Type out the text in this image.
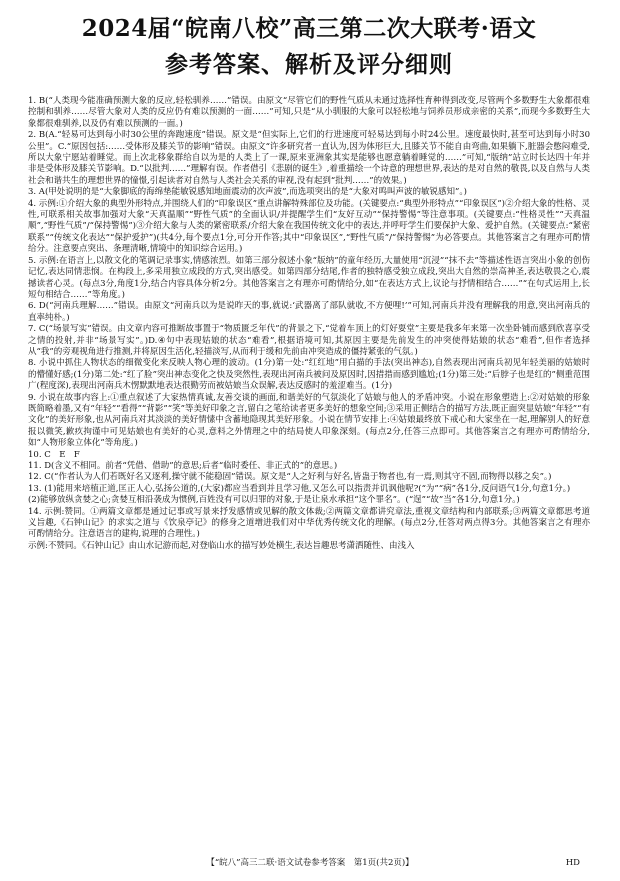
2024届“皖南八校”高三第二次大联考·语文
参考答案、解析及评分细则

1. B(“人类现今能准确预测大象的反应,轻松驯养……”错误。由原文“尽管它们的野性气质从未通过选择性育种得到改变,尽管两个多数野生大象都很难控制和驯养……尽管大象对人类的反应仍有难以预测的一面……”可知,只是“从小驯服的大象可以轻松地与饲养员形成亲密的关系”,而现今多数野生大象都很难驯养,以及仍有难以预测的一面。)

2. B(A.“轻易可达到每小时30公里的奔跑速度”错误。原文是“但实际上,它们的行进速度可轻易达到每小时24公里。速度最快时,甚至可达到每小时30公里”。C.“原因包括:……受体形及膝关节的影响”错误。由原文“许多研究者一直认为,因为体形巨大,且膝关节不能自由弯曲,如果躺下,脏器会憋闷难受,所以大象宁愿站着睡觉。而上次北移象群给自以为是的人类上了一课,原来亚洲象其实是能够也愿意躺着睡觉的……”可知,“版纳”站立时长达四十年并非是受体形及膝关节影响。D.“以批判……”理解有误。作者借引《悲剧的诞生》,着重描绘一个诗意的理想世界,表达的是对自然的敬畏,以及自然与人类社会和谐共生的理想世界的憧憬,引起读者对自然与人类社会关系的审视,没有起到“批判……”的效果。)

3. A(甲处说明的是“大象脚底的海绵垫能敏锐感知地面震动的次声波”,而选项突出的是“大象对鸣叫声波的敏锐感知”。)

4. 示例:①介绍大象的典型外形特点,并围绕人们的“印象误区”重点讲解特殊部位及功能。(关键要点:“典型外形特点”“印象误区”)②介绍大象的性格、灵性,可联系相关故事加强对大象“天真温顺”“野性气质”的全面认识/并提醒学生们“友好互动”“保持警惕”等注意事项。(关键要点:“性格灵性”“天真温顺”,“野性气质”/“保持警惕”)③介绍大象与人类的紧密联系/介绍大象在我国传统文化中的表达,并呼吁学生们要保护大象、爱护自然。(关键要点:“紧密联系”“传统文化表达”“保护爱护”)(共4分,每个要点1分,可分开作答;其中“印象误区”,“野性气质”/“保持警惕”为必答要点。其他答案言之有理亦可酌情给分。注意要点突出、条理清晰,情境中的知识综合运用。)

5. 示例:在语言上,以散文化的笔调记录事实,情感浓烈。如第三部分叙述小象“版纳”的童年经历,大量使用“沉浸”“抹不去”等描述性语言突出小象的创伤记忆,表达同情悲悯。在构段上,多采用独立成段的方式,突出感受。如第四部分结尾,作者的独特感受独立成段,突出大自然的崇高神圣,表达敬畏之心,震撼读者心灵。(每点3分,角度1分,结合内容具体分析2分。其他答案言之有理亦可酌情给分,如“在表达方式上,议论与抒情相结合……”“在句式运用上,长短句相结合……”等角度。)

6. D(“河南兵理解……”错误。由原文“河南兵以为是说昨天的事,就说:‘武器离了部队就收,不方便哩!’”可知,河南兵并没有理解我的用意,突出河南兵的直率纯朴。)

7. C(“场景写实”错误。由文章内容可推断故事置于“物质匮乏年代”的背景之下,“觉着车顶上的灯好耍堂”主要是我多年来第一次坐卧铺而感到欣喜享受之情的投射,并非“场景写实”。)D.④句中表现姑娘的状态“难看”,根据语境可知,其原因主要是先前发生的冲突使得姑娘的状态“难看”,但作者选择从“我”的旁观视角进行推测,并将原因生活化,轻描淡写,从而利于缓和先前由冲突造成的僵持紧张的气氛。)

8. 小说中抓住人物状态的细微变化来反映人物心理的波动。(1分)第一处:“红红地”用白描的手法(突出神态),自然表现出河南兵初见年轻美丽的姑娘时的懵懂好感;(1分)第二处:“红了脸”突出神态变化之快及突然性,表现出河南兵被问及原因时,因措措而感到尴尬;(1分)第三处:“后脖子也是红的”侧重范围广(程度深),表现出河南兵木愣默默地表达很勤劳而被姑娘当众误解,表达反感时的羞涩难当。(1分)

9. 小说在故事内容上:①重点叙述了大家热情真诚,友善交谈的画面,和谐美好的气氛淡化了姑娘与他人的矛盾冲突。小说在形象塑造上:②对姑娘的形象既简略着墨,又有“年轻”“看得”“背影”“笑”等美好印象之言,留白之笔给读者更多美好的想象空间;③采用正侧结合的描写方法,既正面突显姑娘“年轻”“有文化”的美好形象,也从河南兵对其淡淡的美好情愫中含蓄地隐现其美好形象。小说在情节安排上:④姑娘最终放下戒心和大家坐在一起,理解别人的好意报以微笑,歉疚拘谨中可见姑娘也有美好的心灵,意料之外情理之中的结局使人印象深刻。(每点2分,任答三点即可。其他答案言之有理亦可酌情给分,如“人物形象立体化”等角度。)

10. C　E　F

11. D(含义不相同。前者“凭借、借助”的意思;后者“临时委任、非正式的”的意思。)

12. C(“作者认为人们若既好名又逐利,操守就不能稳固”错误。原文是“人之好利与好名,皆蛊于物者也,有一焉,则其守不固,而物得以移之矣”。)

13. (1)能用来培植正道,匡正人心,弘扬公道的,(大家)都应当看到并且学习他,又怎么可以指责并讥讽他呢?(“为”“病”各1分,反问语气1分,句意1分。)
(2)能够放纵贪婪之心;贪婪互相沿袭成为惯例,百姓没有可以归罪的对象,于是让泉水承担“这个罪名”。(“逞”“故”当”各1分,句意1分。)

14. 示例:赞同。①两篇文章都是通过记事或写景来抒发感情或见解的散文体裁;②两篇文章都讲究章法,重视文章结构和内部联系;③两篇文章都思考道义旨趣,《石钟山记》的求实之道与《饮泉亭记》的修身之道增进我们对中华优秀传统文化的理解。(每点2分,任答对两点得3分。其他答案言之有理亦可酌情给分。注意语言的建构,说理的合理性。)
示例:不赞同。《石钟山记》由山水记游而起,对登临山水的描写妙处横生,表达旨趣思考潇洒随性、由浅入

【“皖八”高三二联·语文试卷参考答案　第1页(共2页)】	HD
